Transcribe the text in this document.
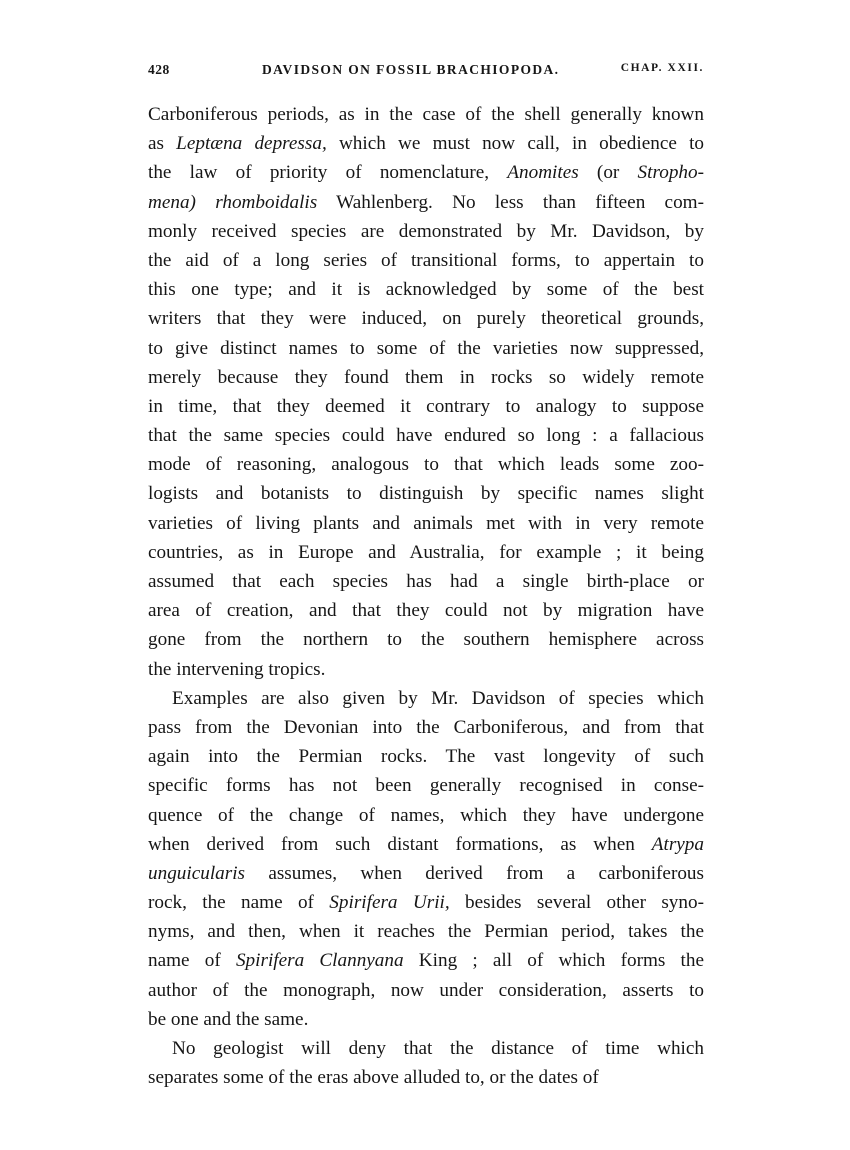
428	DAVIDSON ON FOSSIL BRACHIOPODA.	CHAP. XXII.
Carboniferous periods, as in the case of the shell generally known
as Leptæna depressa, which we must now call, in obedience to
the law of priority of nomenclature, Anomites (or Stropho-
mena) rhomboidalis Wahlenberg. No less than fifteen com-
monly received species are demonstrated by Mr. Davidson, by
the aid of a long series of transitional forms, to appertain to
this one type; and it is acknowledged by some of the best
writers that they were induced, on purely theoretical grounds,
to give distinct names to some of the varieties now suppressed,
merely because they found them in rocks so widely remote
in time, that they deemed it contrary to analogy to suppose
that the same species could have endured so long : a fallacious
mode of reasoning, analogous to that which leads some zoo-
logists and botanists to distinguish by specific names slight
varieties of living plants and animals met with in very remote
countries, as in Europe and Australia, for example ; it being
assumed that each species has had a single birth-place or
area of creation, and that they could not by migration have
gone from the northern to the southern hemisphere across
the intervening tropics.
Examples are also given by Mr. Davidson of species which
pass from the Devonian into the Carboniferous, and from that
again into the Permian rocks. The vast longevity of such
specific forms has not been generally recognised in conse-
quence of the change of names, which they have undergone
when derived from such distant formations, as when Atrypa
unguicularis assumes, when derived from a carboniferous
rock, the name of Spirifera Urii, besides several other syno-
nyms, and then, when it reaches the Permian period, takes the
name of Spirifera Clannyana King ; all of which forms the
author of the monograph, now under consideration, asserts to
be one and the same.
No geologist will deny that the distance of time which
separates some of the eras above alluded to, or the dates of
